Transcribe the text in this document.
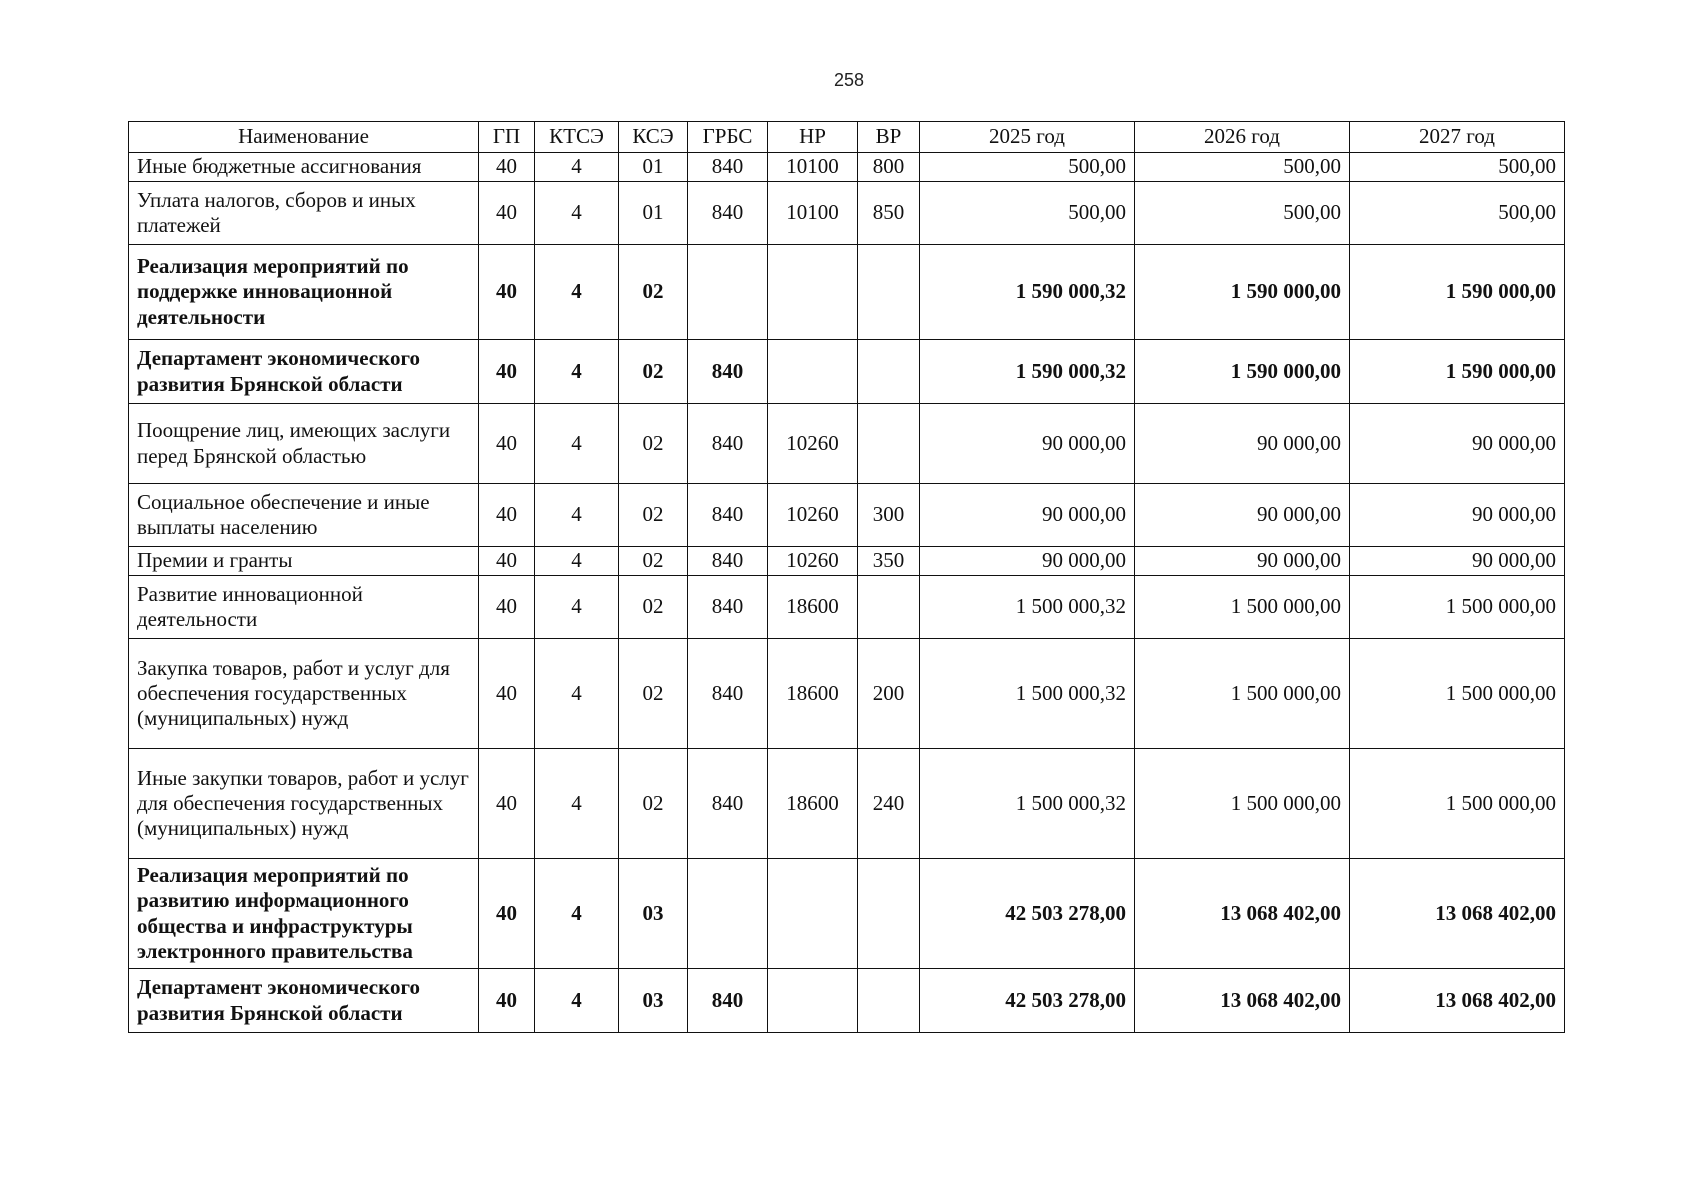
258
Наименование	ГП	КТСЭ	КСЭ	ГРБС	НР	ВР	2025 год	2026 год	2027 год
Иные бюджетные ассигнования	40	4	01	840	10100	800	500,00	500,00	500,00
Уплата налогов, сборов и иных платежей	40	4	01	840	10100	850	500,00	500,00	500,00
Реализация мероприятий по поддержке инновационной деятельности	40	4	02				1 590 000,32	1 590 000,00	1 590 000,00
Департамент экономического развития Брянской области	40	4	02	840			1 590 000,32	1 590 000,00	1 590 000,00
Поощрение лиц, имеющих заслуги перед Брянской областью	40	4	02	840	10260		90 000,00	90 000,00	90 000,00
Социальное обеспечение и иные выплаты населению	40	4	02	840	10260	300	90 000,00	90 000,00	90 000,00
Премии и гранты	40	4	02	840	10260	350	90 000,00	90 000,00	90 000,00
Развитие инновационной деятельности	40	4	02	840	18600		1 500 000,32	1 500 000,00	1 500 000,00
Закупка товаров, работ и услуг для обеспечения государственных (муниципальных) нужд	40	4	02	840	18600	200	1 500 000,32	1 500 000,00	1 500 000,00
Иные закупки товаров, работ и услуг для обеспечения государственных (муниципальных) нужд	40	4	02	840	18600	240	1 500 000,32	1 500 000,00	1 500 000,00
Реализация мероприятий по развитию информационного общества и инфраструктуры электронного правительства	40	4	03				42 503 278,00	13 068 402,00	13 068 402,00
Департамент экономического развития Брянской области	40	4	03	840			42 503 278,00	13 068 402,00	13 068 402,00
